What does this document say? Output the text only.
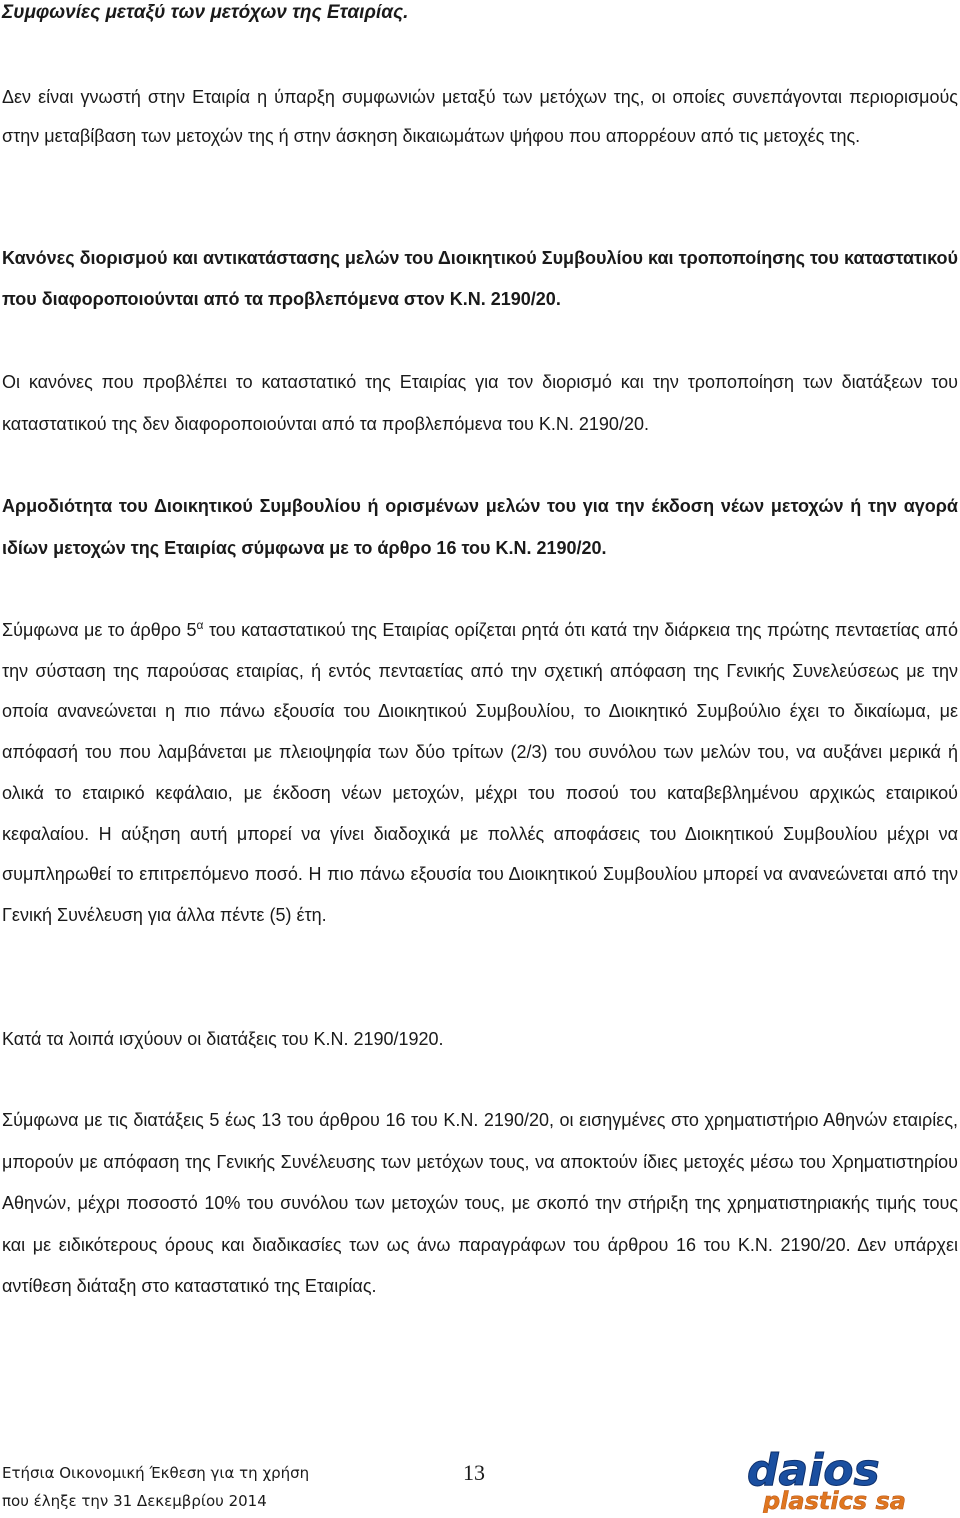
Συμφωνίες μεταξύ των μετόχων της Εταιρίας.

Δεν είναι γνωστή στην Εταιρία η ύπαρξη συμφωνιών μεταξύ των μετόχων της, οι οποίες συνεπάγονται περιορισμούς στην μεταβίβαση των μετοχών της ή στην άσκηση δικαιωμάτων ψήφου που απορρέουν από τις μετοχές της.

Κανόνες διορισμού και αντικατάστασης μελών του Διοικητικού Συμβουλίου και τροποποίησης του καταστατικού που διαφοροποιούνται από τα προβλεπόμενα στον Κ.Ν. 2190/20.

Οι κανόνες που προβλέπει το καταστατικό της Εταιρίας για τον διορισμό και την τροποποίηση των διατάξεων του καταστατικού της δεν διαφοροποιούνται από τα προβλεπόμενα του Κ.Ν. 2190/20.

Αρμοδιότητα του Διοικητικού Συμβουλίου ή ορισμένων μελών του για την έκδοση νέων μετοχών ή την αγορά ιδίων μετοχών της Εταιρίας σύμφωνα με το άρθρο 16 του Κ.Ν. 2190/20.

Σύμφωνα με το άρθρο $5^\alpha$ του καταστατικού της Εταιρίας ορίζεται ρητά ότι κατά την διάρκεια της πρώτης πενταετίας από την σύσταση της παρούσας εταιρίας, ή εντός πενταετίας από την σχετική απόφαση της Γενικής Συνελεύσεως με την οποία ανανεώνεται η πιο πάνω εξουσία του Διοικητικού Συμβουλίου, το Διοικητικό Συμβούλιο έχει το δικαίωμα, με απόφασή του που λαμβάνεται με πλειοψηφία των δύο τρίτων (2/3) του συνόλου των μελών του, να αυξάνει μερικά ή ολικά το εταιρικό κεφάλαιο, με έκδοση νέων μετοχών, μέχρι του ποσού του καταβεβλημένου αρχικώς εταιρικού κεφαλαίου. Η αύξηση αυτή μπορεί να γίνει διαδοχικά με πολλές αποφάσεις του Διοικητικού Συμβουλίου μέχρι να συμπληρωθεί το επιτρεπόμενο ποσό. Η πιο πάνω εξουσία του Διοικητικού Συμβουλίου μπορεί να ανανεώνεται από την Γενική Συνέλευση για άλλα πέντε (5) έτη.

Κατά τα λοιπά ισχύουν οι διατάξεις του Κ.Ν. 2190/1920.

Σύμφωνα με τις διατάξεις 5 έως 13 του άρθρου 16 του Κ.Ν. 2190/20, οι εισηγμένες στο χρηματιστήριο Αθηνών εταιρίες, μπορούν με απόφαση της Γενικής Συνέλευσης των μετόχων τους, να αποκτούν ίδιες μετοχές μέσω του Χρηματιστηρίου Αθηνών, μέχρι ποσοστό 10% του συνόλου των μετοχών τους, με σκοπό την στήριξη της χρηματιστηριακής τιμής τους και με ειδικότερους όρους και διαδικασίες των ως άνω παραγράφων του άρθρου 16 του Κ.Ν. 2190/20. Δεν υπάρχει αντίθεση διάταξη στο καταστατικό της Εταιρίας.

Ετήσια Οικονομική Έκθεση για τη χρήση
που έληξε την 31 Δεκεμβρίου 2014
13	daios
plastics sa
